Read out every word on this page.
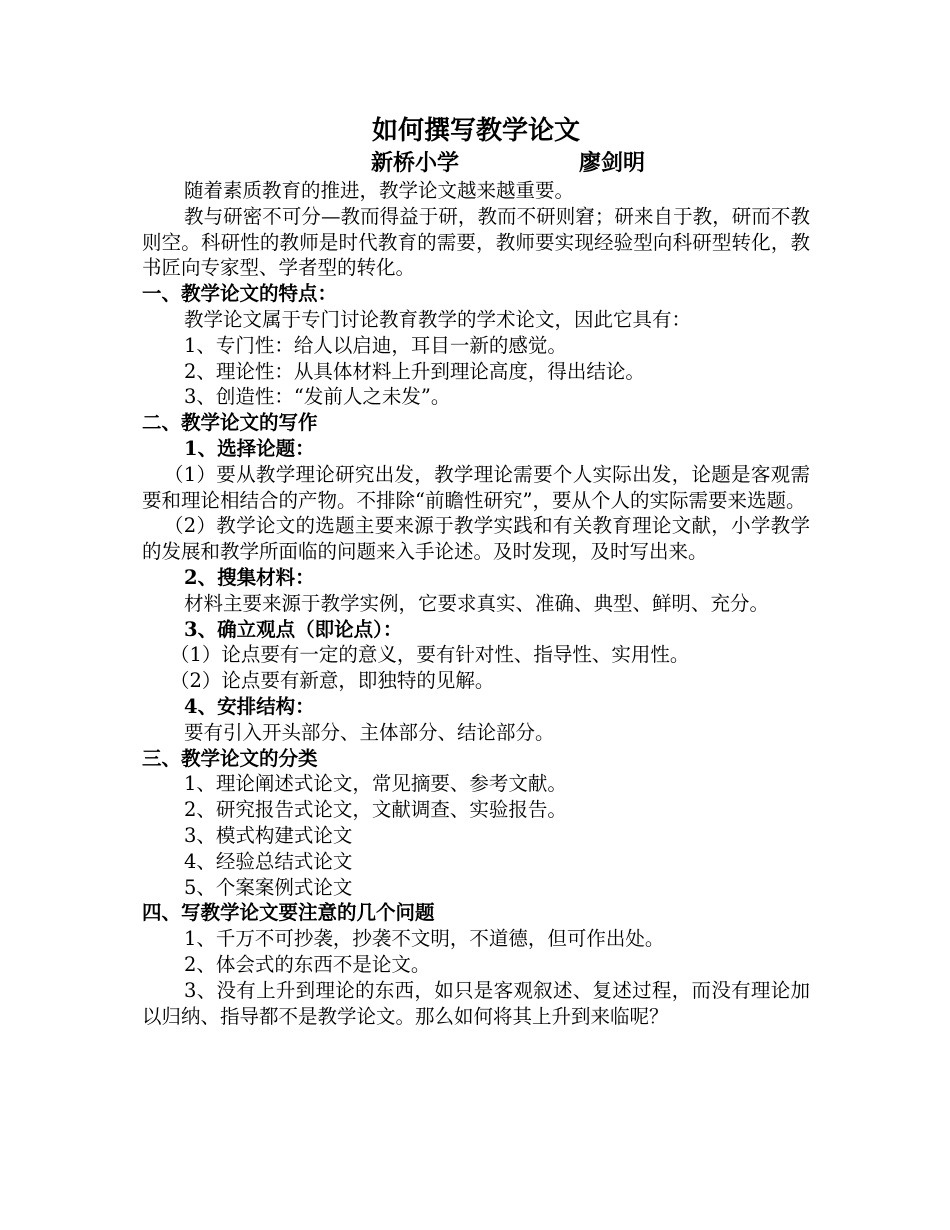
如何撰写教学论文
新桥小学	廖剑明

随着素质教育的推进，教学论文越来越重要。

教与研密不可分—教而得益于研，教而不研则窘；研来自于教，研而不教则空。科研性的教师是时代教育的需要，教师要实现经验型向科研型转化，教书匠向专家型、学者型的转化。

一、教学论文的特点：

教学论文属于专门讨论教育教学的学术论文，因此它具有：

1、专门性：给人以启迪，耳目一新的感觉。

2、理论性：从具体材料上升到理论高度，得出结论。

3、创造性：“发前人之未发”。

二、教学论文的写作

1、选择论题：

（1）要从教学理论研究出发，教学理论需要个人实际出发，论题是客观需要和理论相结合的产物。不排除“前瞻性研究”，要从个人的实际需要来选题。

（2）教学论文的选题主要来源于教学实践和有关教育理论文献，小学教学的发展和教学所面临的问题来入手论述。及时发现，及时写出来。

2、搜集材料：

材料主要来源于教学实例，它要求真实、准确、典型、鲜明、充分。

3、确立观点（即论点）：

（1）论点要有一定的意义，要有针对性、指导性、实用性。

（2）论点要有新意，即独特的见解。

4、安排结构：

要有引入开头部分、主体部分、结论部分。

三、教学论文的分类

1、理论阐述式论文，常见摘要、参考文献。

2、研究报告式论文，文献调查、实验报告。

3、模式构建式论文

4、经验总结式论文

5、个案案例式论文

四、写教学论文要注意的几个问题

1、千万不可抄袭，抄袭不文明，不道德，但可作出处。

2、体会式的东西不是论文。

3、没有上升到理论的东西，如只是客观叙述、复述过程，而没有理论加以归纳、指导都不是教学论文。那么如何将其上升到来临呢？
